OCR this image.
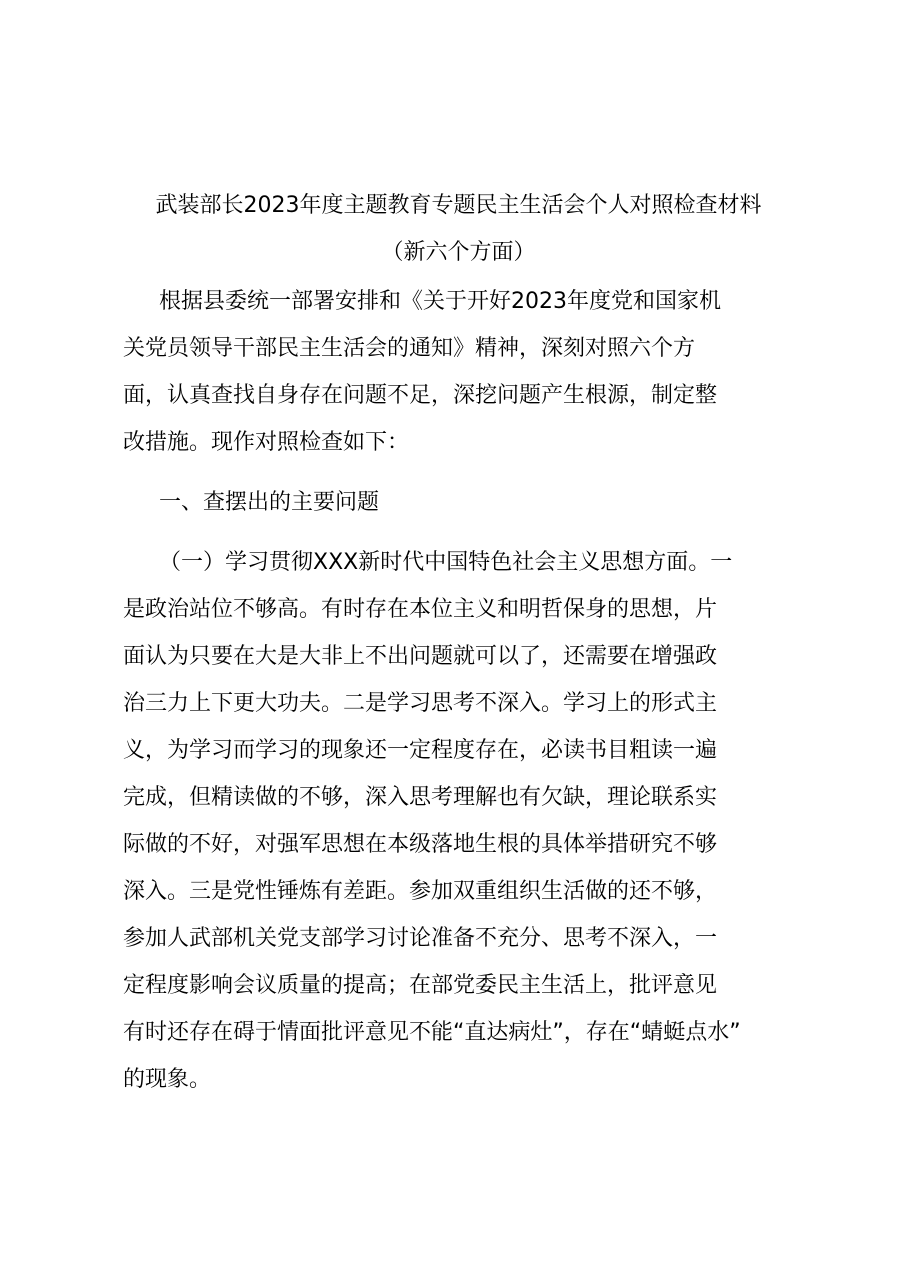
武装部长2023年度主题教育专题民主生活会个人对照检查材料
（新六个方面）
根据县委统一部署安排和《关于开好2023年度党和国家机
关党员领导干部民主生活会的通知》精神，深刻对照六个方
面，认真查找自身存在问题不足，深挖问题产生根源，制定整
改措施。现作对照检查如下：
一、查摆出的主要问题
（一）学习贯彻XXX新时代中国特色社会主义思想方面。一
是政治站位不够高。有时存在本位主义和明哲保身的思想，片
面认为只要在大是大非上不出问题就可以了，还需要在增强政
治三力上下更大功夫。二是学习思考不深入。学习上的形式主
义，为学习而学习的现象还一定程度存在，必读书目粗读一遍
完成，但精读做的不够，深入思考理解也有欠缺，理论联系实
际做的不好，对强军思想在本级落地生根的具体举措研究不够
深入。三是党性锤炼有差距。参加双重组织生活做的还不够，
参加人武部机关党支部学习讨论准备不充分、思考不深入，一
定程度影响会议质量的提高；在部党委民主生活上，批评意见
有时还存在碍于情面批评意见不能“直达病灶”，存在“蜻蜓点水”
的现象。
